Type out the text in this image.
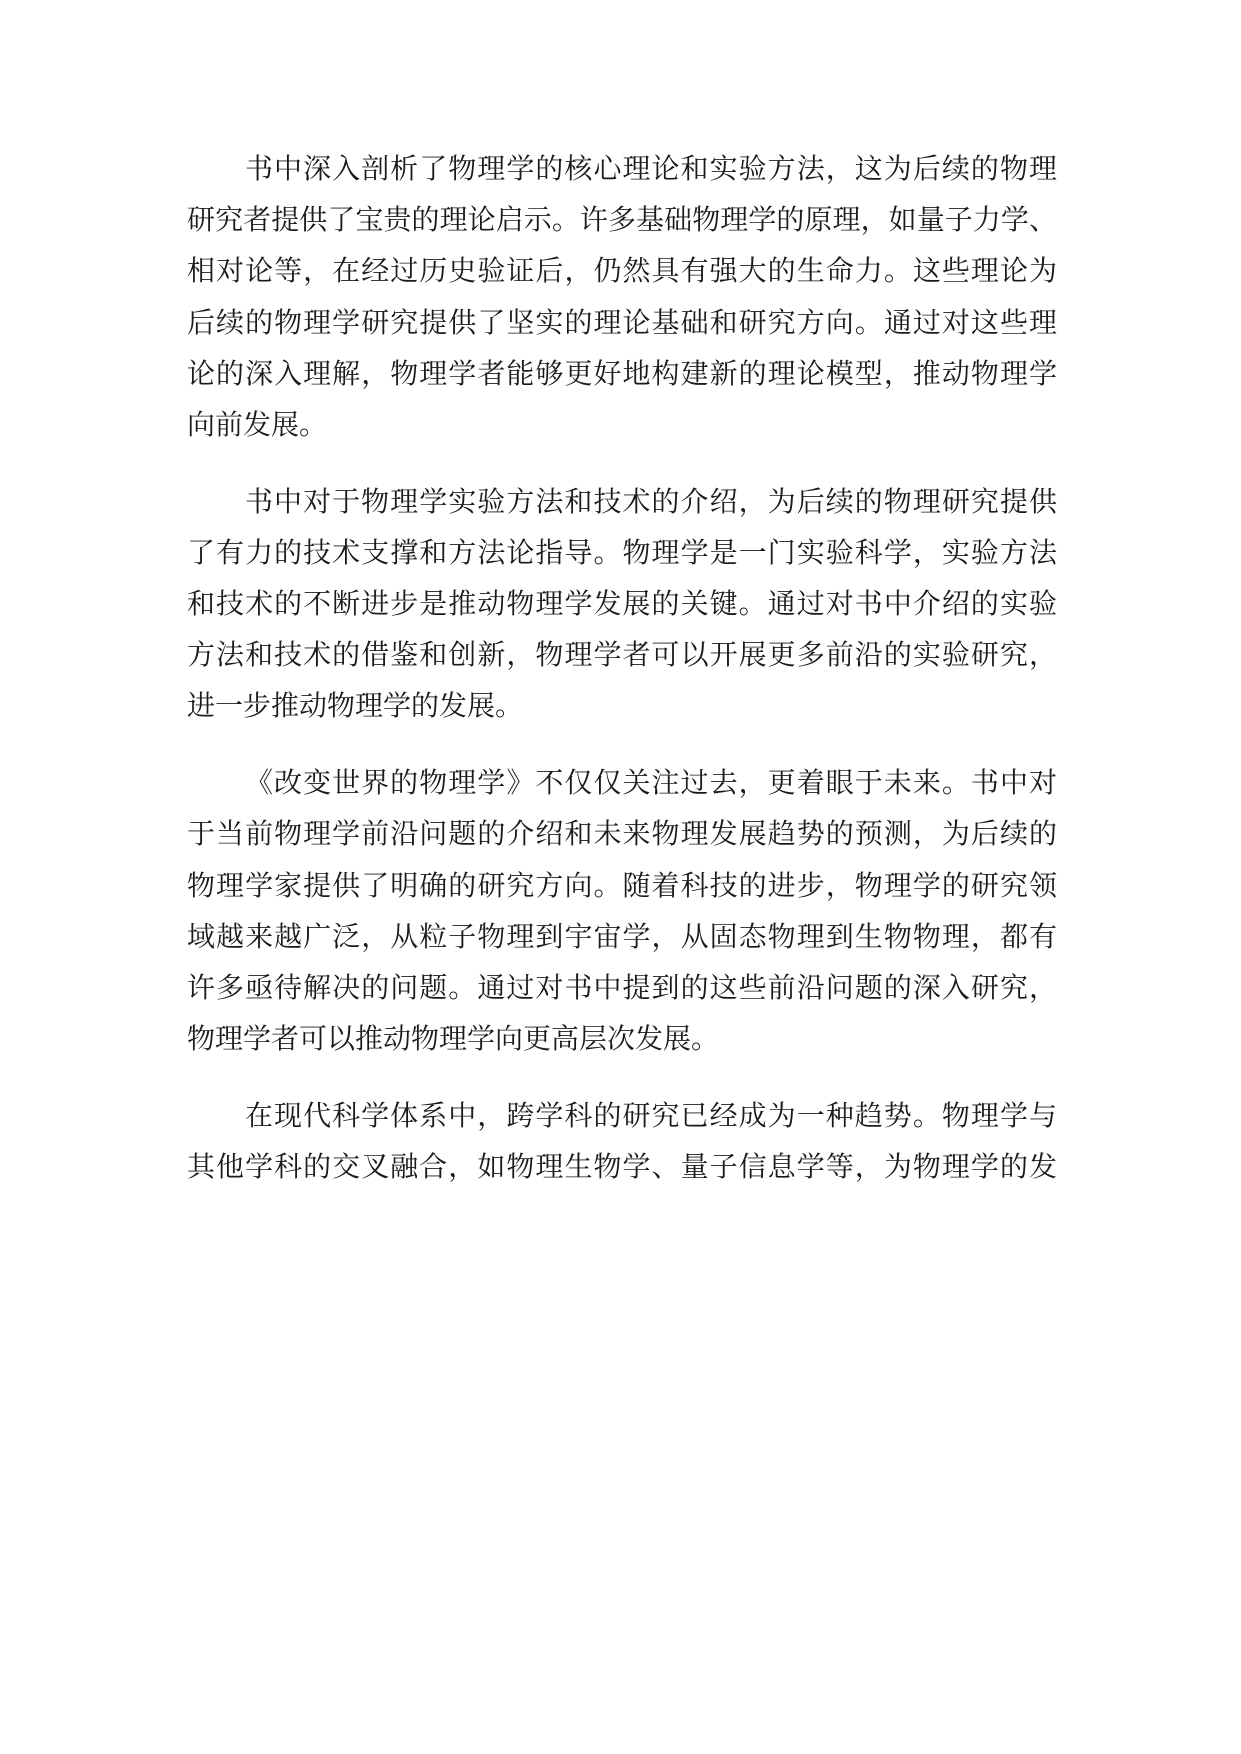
书中深入剖析了物理学的核心理论和实验方法，这为后续的物理
研究者提供了宝贵的理论启示。许多基础物理学的原理，如量子力学、
相对论等，在经过历史验证后，仍然具有强大的生命力。这些理论为
后续的物理学研究提供了坚实的理论基础和研究方向。通过对这些理
论的深入理解，物理学者能够更好地构建新的理论模型，推动物理学
向前发展。
书中对于物理学实验方法和技术的介绍，为后续的物理研究提供
了有力的技术支撑和方法论指导。物理学是一门实验科学，实验方法
和技术的不断进步是推动物理学发展的关键。通过对书中介绍的实验
方法和技术的借鉴和创新，物理学者可以开展更多前沿的实验研究，
进一步推动物理学的发展。
《改变世界的物理学》不仅仅关注过去，更着眼于未来。书中对
于当前物理学前沿问题的介绍和未来物理发展趋势的预测，为后续的
物理学家提供了明确的研究方向。随着科技的进步，物理学的研究领
域越来越广泛，从粒子物理到宇宙学，从固态物理到生物物理，都有
许多亟待解决的问题。通过对书中提到的这些前沿问题的深入研究，
物理学者可以推动物理学向更高层次发展。
在现代科学体系中，跨学科的研究已经成为一种趋势。物理学与
其他学科的交叉融合，如物理生物学、量子信息学等，为物理学的发
